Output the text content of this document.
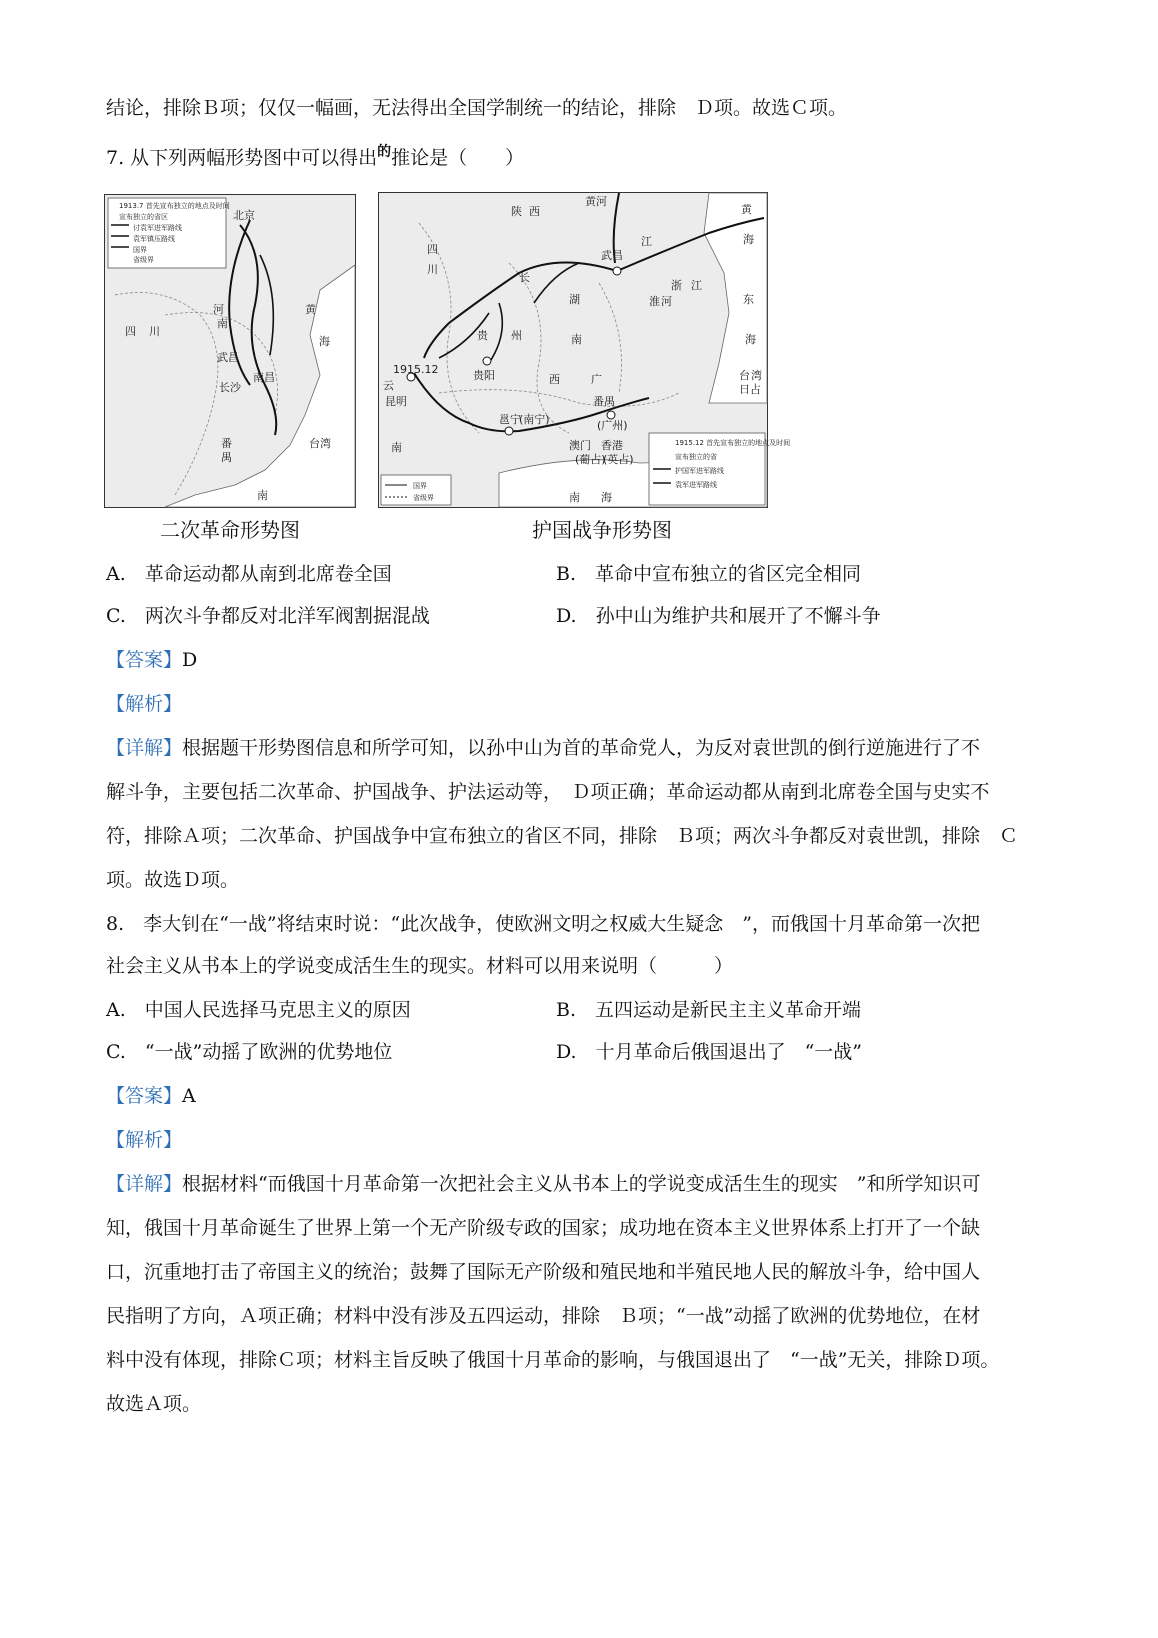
结论，排除Ｂ项；仅仅一幅画，无法得出全国学制统一的结论，排除　Ｄ项。故选Ｃ项。
7. 从下列两幅形势图中可以得出$^的$推论是（　　）
1913.7 首先宣布独立的地点及时间
宣布独立的省区
讨袁军进军路线
袁军镇压路线
国界
省级界
北京
河
南
武昌
南昌
长沙
四 川
番
禺
台湾
黄
海
南
陕 西
四
川
长
江
湖
南
武昌
贵 州
贵阳
云
昆明
南
邕宁
(南宁)
番禺
(广州)
澳门
(葡占)
香港
(英占)
浙 江
黄
海
东
海
台 湾
日占
南 海
广
西
1915.12
淮 河
黄河
1915.12 首先宣布独立的地点及时间
宣布独立的省
护国军进军路线
袁军进军路线
国界
省级界
二次革命形势图	护国战争形势图
A.　革命运动都从南到北席卷全国	B.　革命中宣布独立的省区完全相同
C.　两次斗争都反对北洋军阀割据混战	D.　孙中山为维护共和展开了不懈斗争
【答案】D
【解析】
【详解】根据题干形势图信息和所学可知，以孙中山为首的革命党人，为反对袁世凯的倒行逆施进行了不
解斗争，主要包括二次革命、护国战争、护法运动等，　Ｄ项正确；革命运动都从南到北席卷全国与史实不
符，排除Ａ项；二次革命、护国战争中宣布独立的省区不同，排除　Ｂ项；两次斗争都反对袁世凯，排除　Ｃ
项。故选Ｄ项。
8.　李大钊在“一战”将结束时说：“此次战争，使欧洲文明之权威大生疑念　”，而俄国十月革命第一次把
社会主义从书本上的学说变成活生生的现实。材料可以用来说明（　　　）
A.　中国人民选择马克思主义的原因	B.　五四运动是新民主主义革命开端
C.　“一战”动摇了欧洲的优势地位	D.　十月革命后俄国退出了　“一战”
【答案】A
【解析】
【详解】根据材料“而俄国十月革命第一次把社会主义从书本上的学说变成活生生的现实　”和所学知识可
知，俄国十月革命诞生了世界上第一个无产阶级专政的国家；成功地在资本主义世界体系上打开了一个缺
口，沉重地打击了帝国主义的统治；鼓舞了国际无产阶级和殖民地和半殖民地人民的解放斗争，给中国人
民指明了方向，Ａ项正确；材料中没有涉及五四运动，排除　Ｂ项；“一战”动摇了欧洲的优势地位，在材
料中没有体现，排除Ｃ项；材料主旨反映了俄国十月革命的影响，与俄国退出了　“一战”无关，排除Ｄ项。
故选Ａ项。
